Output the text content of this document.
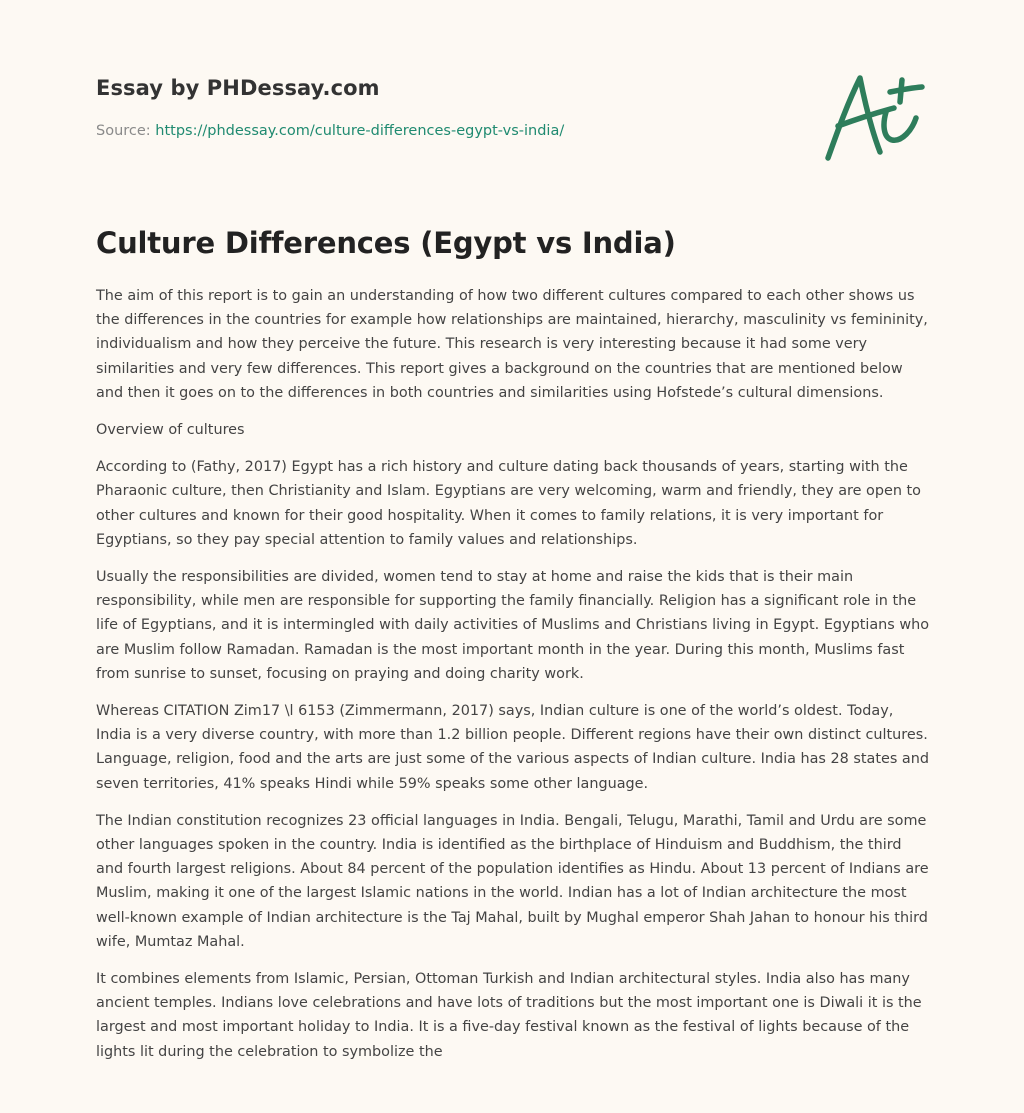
Essay by PHDessay.com
Source: https://phdessay.com/culture-differences-egypt-vs-india/
Culture Differences (Egypt vs India)

The aim of this report is to gain an understanding of how two different cultures compared to each other shows us the differences in the countries for example how relationships are maintained, hierarchy, masculinity vs femininity, individualism and how they perceive the future. This research is very interesting because it had some very similarities and very few differences. This report gives a background on the countries that are mentioned below and then it goes on to the differences in both countries and similarities using Hofstede’s cultural dimensions.

Overview of cultures

According to (Fathy, 2017) Egypt has a rich history and culture dating back thousands of years, starting with the Pharaonic culture, then Christianity and Islam. Egyptians are very welcoming, warm and friendly, they are open to other cultures and known for their good hospitality. When it comes to family relations, it is very important for Egyptians, so they pay special attention to family values and relationships.

Usually the responsibilities are divided, women tend to stay at home and raise the kids that is their main responsibility, while men are responsible for supporting the family financially. Religion has a significant role in the life of Egyptians, and it is intermingled with daily activities of Muslims and Christians living in Egypt. Egyptians who are Muslim follow Ramadan. Ramadan is the most important month in the year. During this month, Muslims fast from sunrise to sunset, focusing on praying and doing charity work.

Whereas CITATION Zim17 \l 6153 (Zimmermann, 2017) says, Indian culture is one of the world’s oldest. Today, India is a very diverse country, with more than 1.2 billion people. Different regions have their own distinct cultures. Language, religion, food and the arts are just some of the various aspects of Indian culture. India has 28 states and seven territories, 41% speaks Hindi while 59% speaks some other language.

The Indian constitution recognizes 23 official languages in India. Bengali, Telugu, Marathi, Tamil and Urdu are some other languages spoken in the country. India is identified as the birthplace of Hinduism and Buddhism, the third and fourth largest religions. About 84 percent of the population identifies as Hindu. About 13 percent of Indians are Muslim, making it one of the largest Islamic nations in the world. Indian has a lot of Indian architecture the most well-known example of Indian architecture is the Taj Mahal, built by Mughal emperor Shah Jahan to honour his third wife, Mumtaz Mahal.

It combines elements from Islamic, Persian, Ottoman Turkish and Indian architectural styles. India also has many ancient temples. Indians love celebrations and have lots of traditions but the most important one is Diwali it is the largest and most important holiday to India. It is a five-day festival known as the festival of lights because of the lights lit during the celebration to symbolize the
